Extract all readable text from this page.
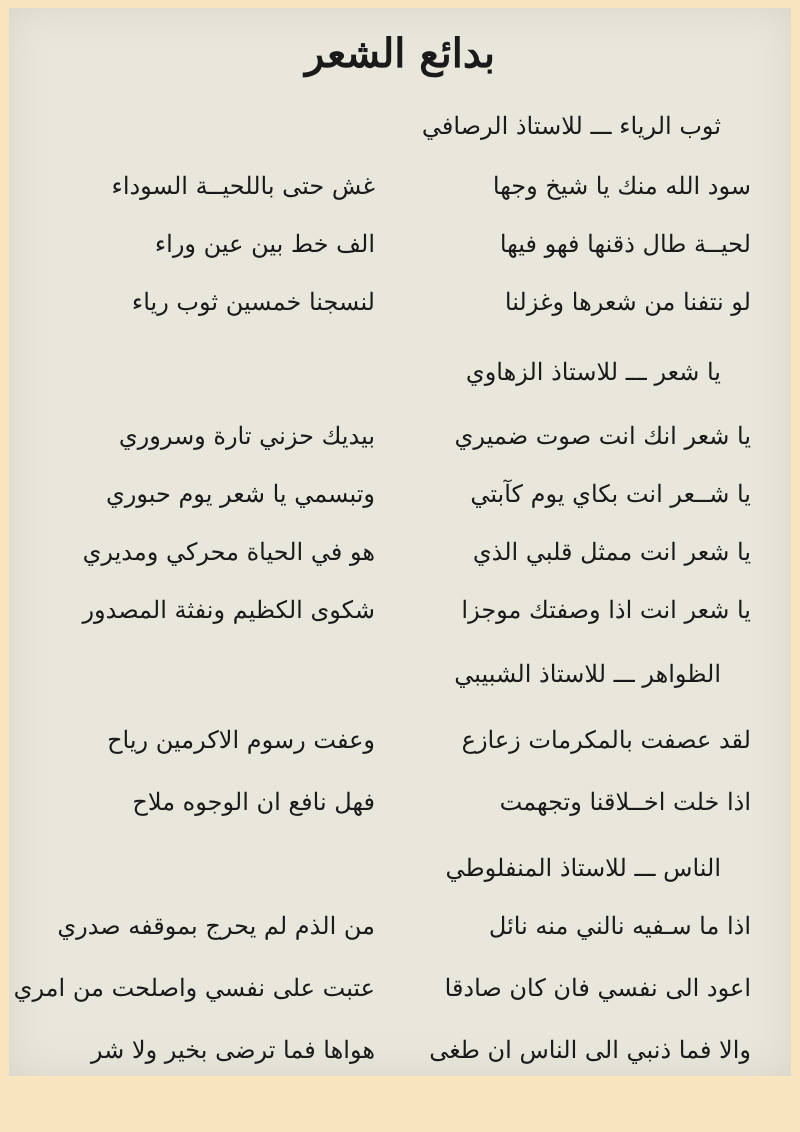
بدائع الشعر
ثوب الرياء ـــ للاستاذ الرصافي
سود الله منك يا شيخ وجها
غش حتى باللحيــة السوداء
لحيــة طال ذقنها فهو فيها
الف خط بين عين وراء
لو نتفنا من شعرها وغزلنا
لنسجنا خمسين ثوب رياء
يا شعر ـــ للاستاذ الزهاوي
يا شعر انك انت صوت ضميري
بيديك حزني تارة وسروري
يا شــعر انت بكاي يوم كآبتي
وتبسمي يا شعر يوم حبوري
يا شعر انت ممثل قلبي الذي
هو في الحياة محركي ومديري
يا شعر انت اذا وصفتك موجزا
شكوى الكظيم ونفثة المصدور
الظواهر ـــ للاستاذ الشبيبي
لقد عصفت بالمكرمات زعازع
وعفت رسوم الاكرمين رياح
اذا خلت اخــلاقنا وتجهمت
فهل نافع ان الوجوه ملاح
الناس ـــ للاستاذ المنفلوطي
اذا ما سـفيه نالني منه نائل
من الذم لم يحرج بموقفه صدري
اعود الى نفسي فان كان صادقا
عتبت على نفسي واصلحت من امري
والا فما ذنبي الى الناس ان طغى
هواها فما ترضى بخير ولا شر
